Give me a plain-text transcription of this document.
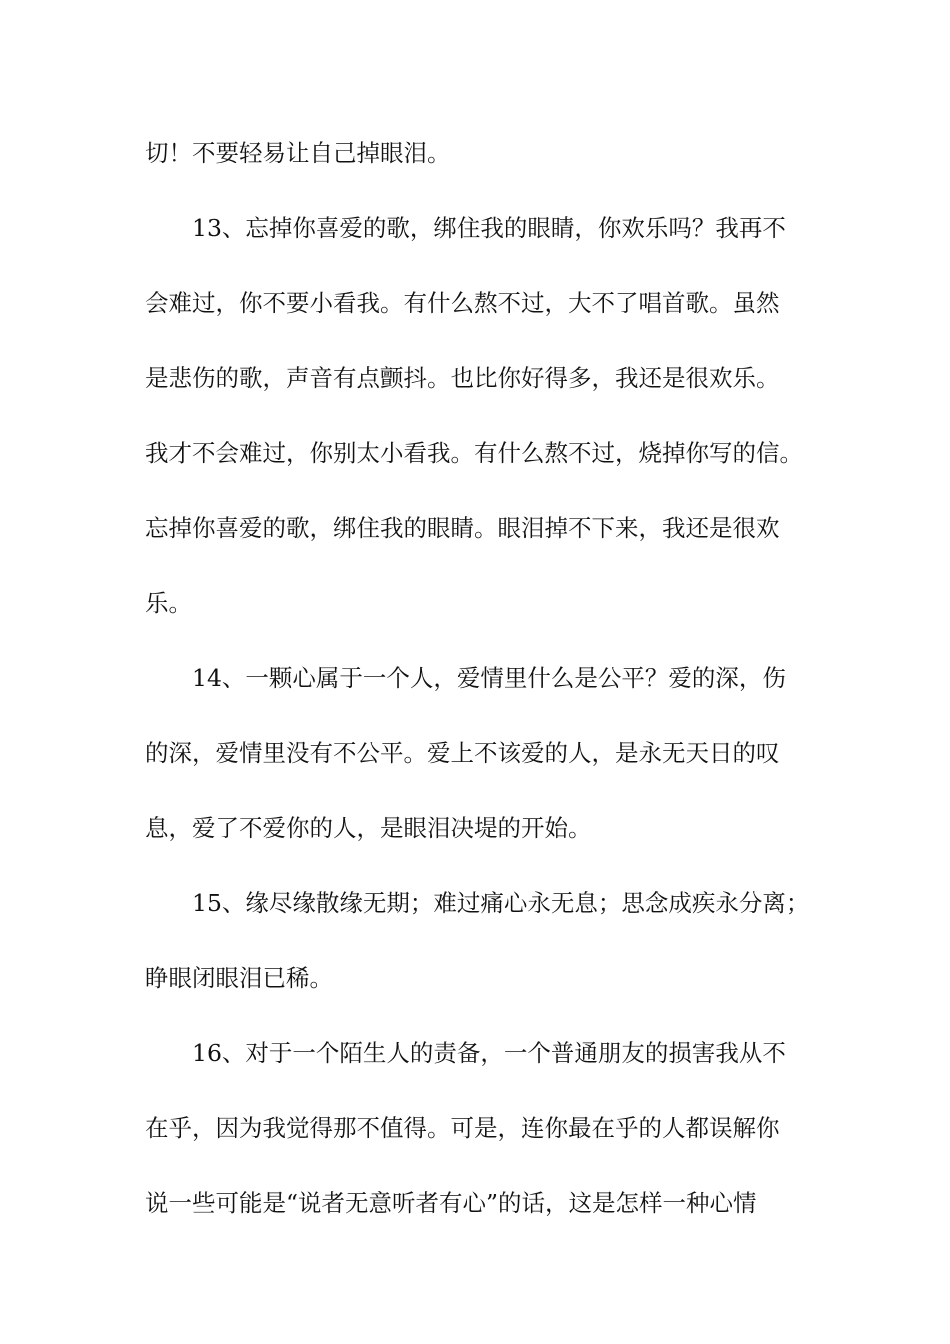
切！不要轻易让自己掉眼泪。
13、忘掉你喜爱的歌，绑住我的眼睛，你欢乐吗？我再不
会难过，你不要小看我。有什么熬不过，大不了唱首歌。虽然
是悲伤的歌，声音有点颤抖。也比你好得多，我还是很欢乐。
我才不会难过，你别太小看我。有什么熬不过，烧掉你写的信。
忘掉你喜爱的歌，绑住我的眼睛。眼泪掉不下来，我还是很欢
乐。
14、一颗心属于一个人，爱情里什么是公平？爱的深，伤
的深，爱情里没有不公平。爱上不该爱的人，是永无天日的叹
息，爱了不爱你的人，是眼泪决堤的开始。
15、缘尽缘散缘无期；难过痛心永无息；思念成疾永分离；
睁眼闭眼泪已稀。
16、对于一个陌生人的责备，一个普通朋友的损害我从不
在乎，因为我觉得那不值得。可是，连你最在乎的人都误解你
说一些可能是“说者无意听者有心”的话，这是怎样一种心情
